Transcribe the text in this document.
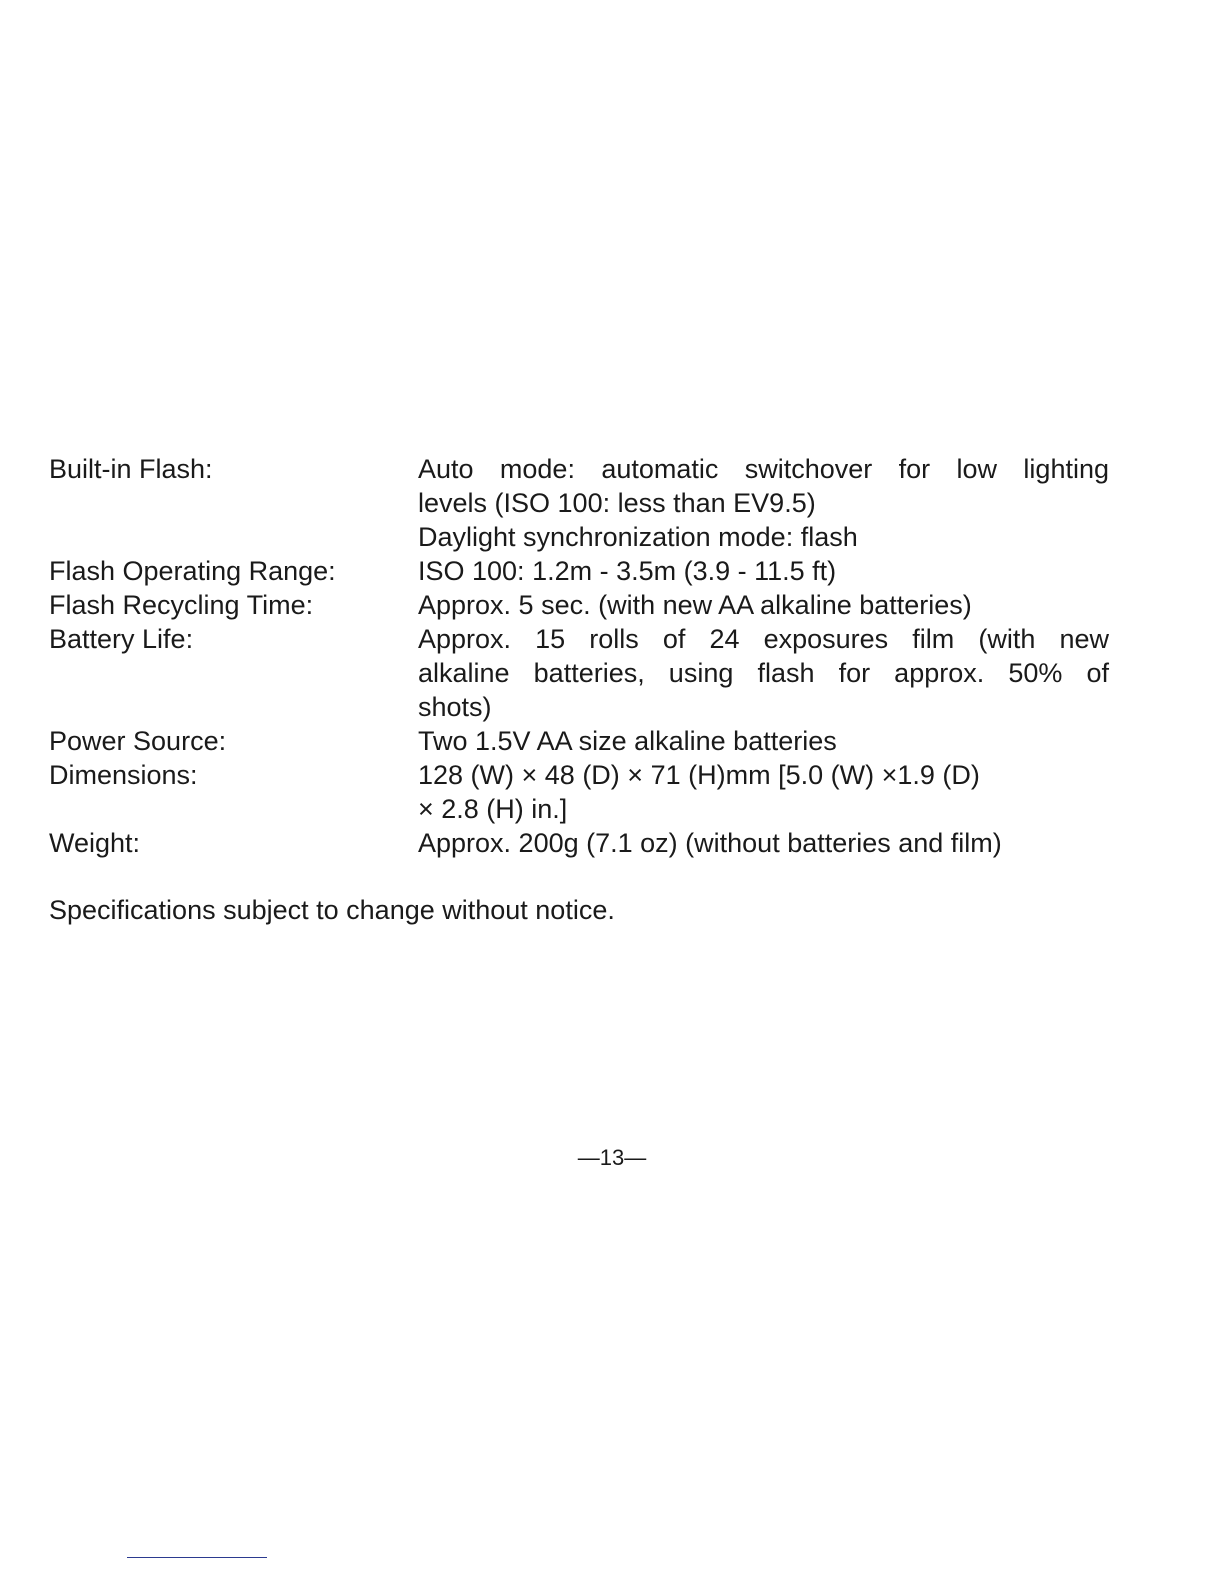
Built-in Flash:	Auto mode: automatic switchover for low lighting
levels (ISO 100: less than EV9.5)
Daylight synchronization mode: flash
Flash Operating Range:	ISO 100: 1.2m - 3.5m (3.9 - 11.5 ft)
Flash Recycling Time:	Approx. 5 sec. (with new AA alkaline batteries)
Battery Life:	Approx. 15 rolls of 24 exposures film (with new
alkaline batteries, using flash for approx. 50% of
shots)
Power Source:	Two 1.5V AA size alkaline batteries
Dimensions:	128 (W) × 48 (D) × 71 (H)mm [5.0 (W) ×1.9 (D)
× 2.8 (H) in.]
Weight:	Approx. 200g (7.1 oz) (without batteries and film)
Specifications subject to change without notice.
—13—
